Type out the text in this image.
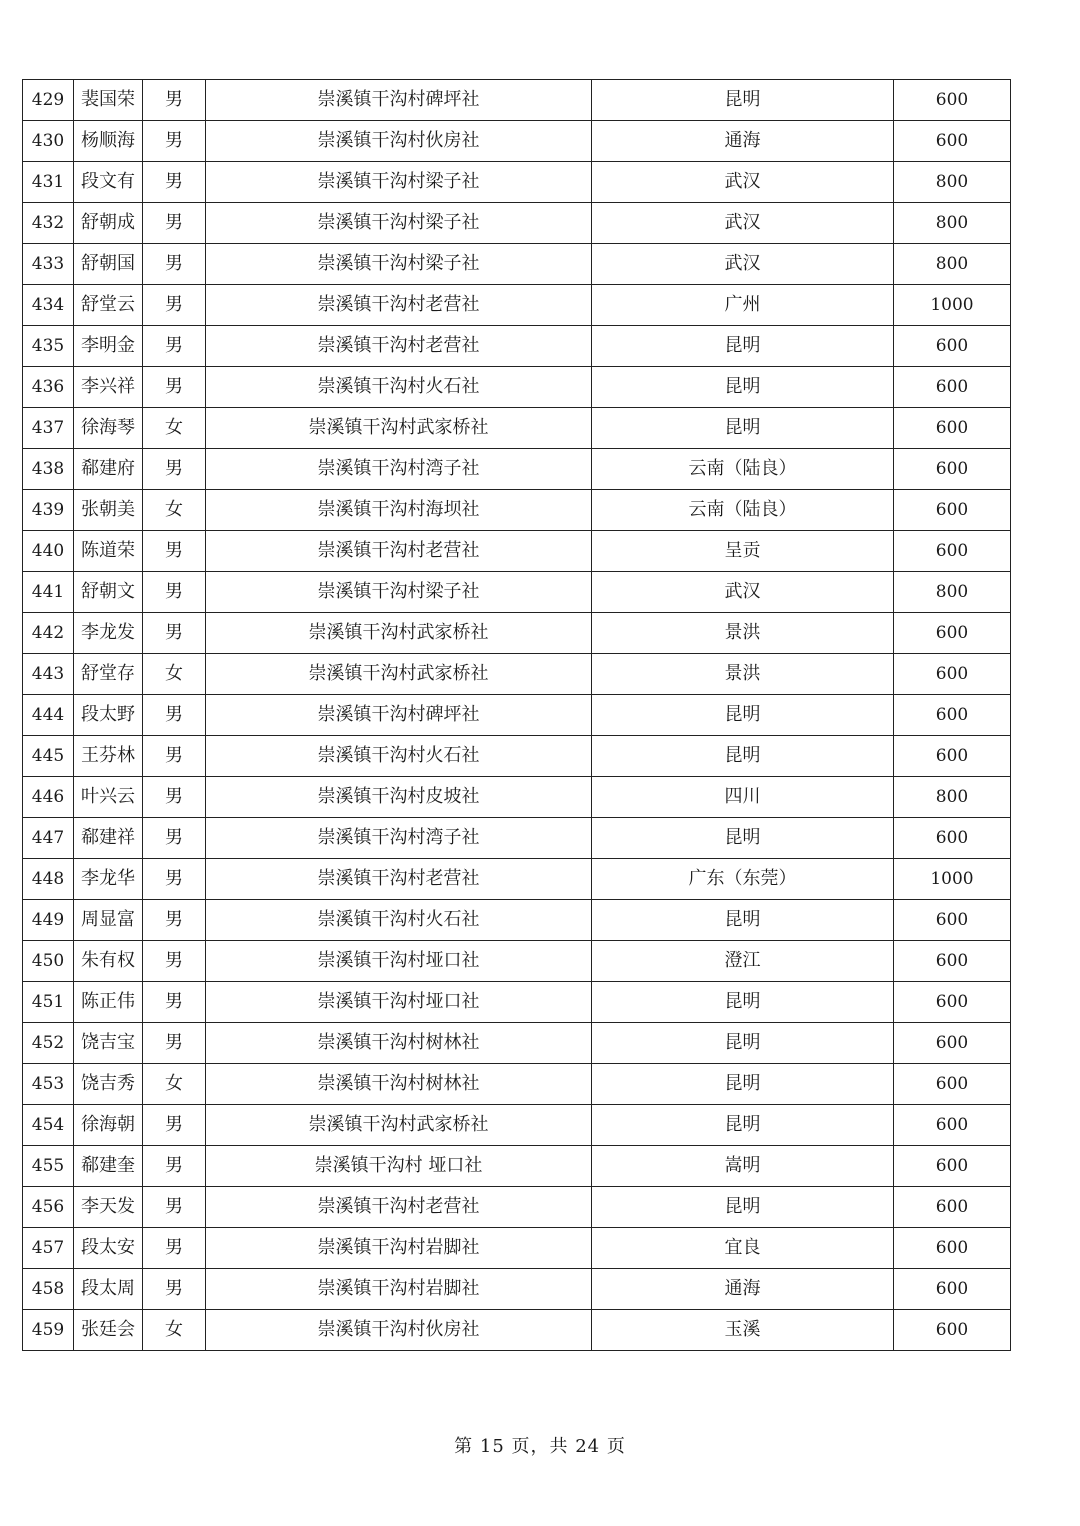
429	裴国荣	男	崇溪镇干沟村碑坪社	昆明	600
430	杨顺海	男	崇溪镇干沟村伙房社	通海	600
431	段文有	男	崇溪镇干沟村梁子社	武汉	800
432	舒朝成	男	崇溪镇干沟村梁子社	武汉	800
433	舒朝国	男	崇溪镇干沟村梁子社	武汉	800
434	舒堂云	男	崇溪镇干沟村老营社	广州	1000
435	李明金	男	崇溪镇干沟村老营社	昆明	600
436	李兴祥	男	崇溪镇干沟村火石社	昆明	600
437	徐海琴	女	崇溪镇干沟村武家桥社	昆明	600
438	郗建府	男	崇溪镇干沟村湾子社	云南（陆良）	600
439	张朝美	女	崇溪镇干沟村海坝社	云南（陆良）	600
440	陈道荣	男	崇溪镇干沟村老营社	呈贡	600
441	舒朝文	男	崇溪镇干沟村梁子社	武汉	800
442	李龙发	男	崇溪镇干沟村武家桥社	景洪	600
443	舒堂存	女	崇溪镇干沟村武家桥社	景洪	600
444	段太野	男	崇溪镇干沟村碑坪社	昆明	600
445	王芬林	男	崇溪镇干沟村火石社	昆明	600
446	叶兴云	男	崇溪镇干沟村皮坡社	四川	800
447	郗建祥	男	崇溪镇干沟村湾子社	昆明	600
448	李龙华	男	崇溪镇干沟村老营社	广东（东莞）	1000
449	周显富	男	崇溪镇干沟村火石社	昆明	600
450	朱有权	男	崇溪镇干沟村垭口社	澄江	600
451	陈正伟	男	崇溪镇干沟村垭口社	昆明	600
452	饶吉宝	男	崇溪镇干沟村树林社	昆明	600
453	饶吉秀	女	崇溪镇干沟村树林社	昆明	600
454	徐海朝	男	崇溪镇干沟村武家桥社	昆明	600
455	郗建奎	男	崇溪镇干沟村 垭口社	嵩明	600
456	李天发	男	崇溪镇干沟村老营社	昆明	600
457	段太安	男	崇溪镇干沟村岩脚社	宜良	600
458	段太周	男	崇溪镇干沟村岩脚社	通海	600
459	张廷会	女	崇溪镇干沟村伙房社	玉溪	600
第 15 页，共 24 页
